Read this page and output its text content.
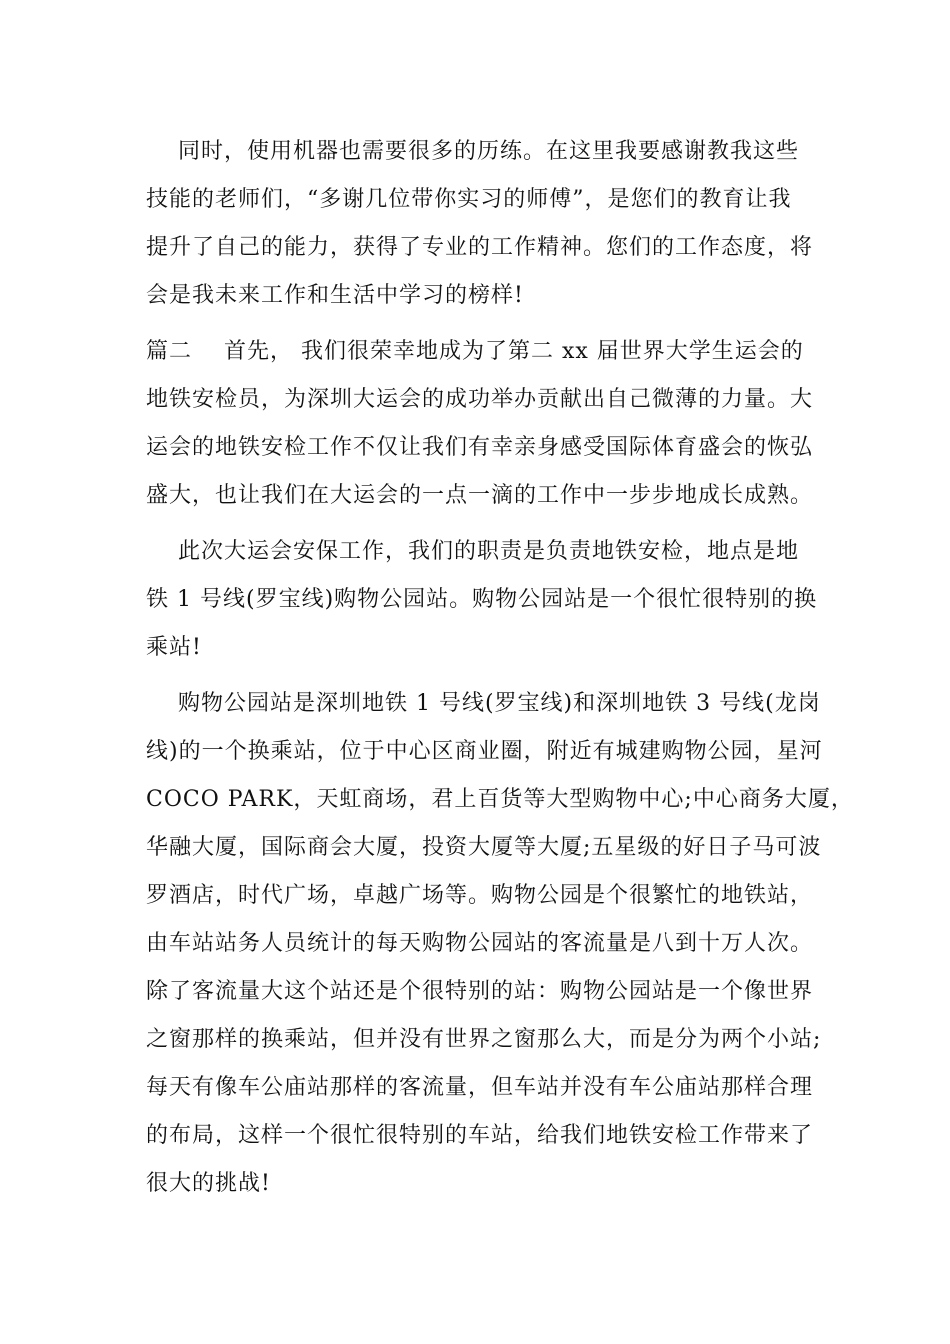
同时，使用机器也需要很多的历练。在这里我要感谢教我这些
技能的老师们，“多谢几位带你实习的师傅”，是您们的教育让我
提升了自己的能力，获得了专业的工作精神。您们的工作态度，将
会是我未来工作和生活中学习的榜样!
篇二    首先， 我们很荣幸地成为了第二 xx 届世界大学生运会的
地铁安检员，为深圳大运会的成功举办贡献出自己微薄的力量。大
运会的地铁安检工作不仅让我们有幸亲身感受国际体育盛会的恢弘
盛大，也让我们在大运会的一点一滴的工作中一步步地成长成熟。
此次大运会安保工作，我们的职责是负责地铁安检，地点是地
铁 1 号线(罗宝线)购物公园站。购物公园站是一个很忙很特别的换
乘站!
购物公园站是深圳地铁 1 号线(罗宝线)和深圳地铁 3 号线(龙岗
线)的一个换乘站，位于中心区商业圈，附近有城建购物公园，星河
COCO PARK，天虹商场，君上百货等大型购物中心;中心商务大厦，
华融大厦，国际商会大厦，投资大厦等大厦;五星级的好日子马可波
罗酒店，时代广场，卓越广场等。购物公园是个很繁忙的地铁站，
由车站站务人员统计的每天购物公园站的客流量是八到十万人次。
除了客流量大这个站还是个很特别的站：购物公园站是一个像世界
之窗那样的换乘站，但并没有世界之窗那么大，而是分为两个小站;
每天有像车公庙站那样的客流量，但车站并没有车公庙站那样合理
的布局，这样一个很忙很特别的车站，给我们地铁安检工作带来了
很大的挑战!
